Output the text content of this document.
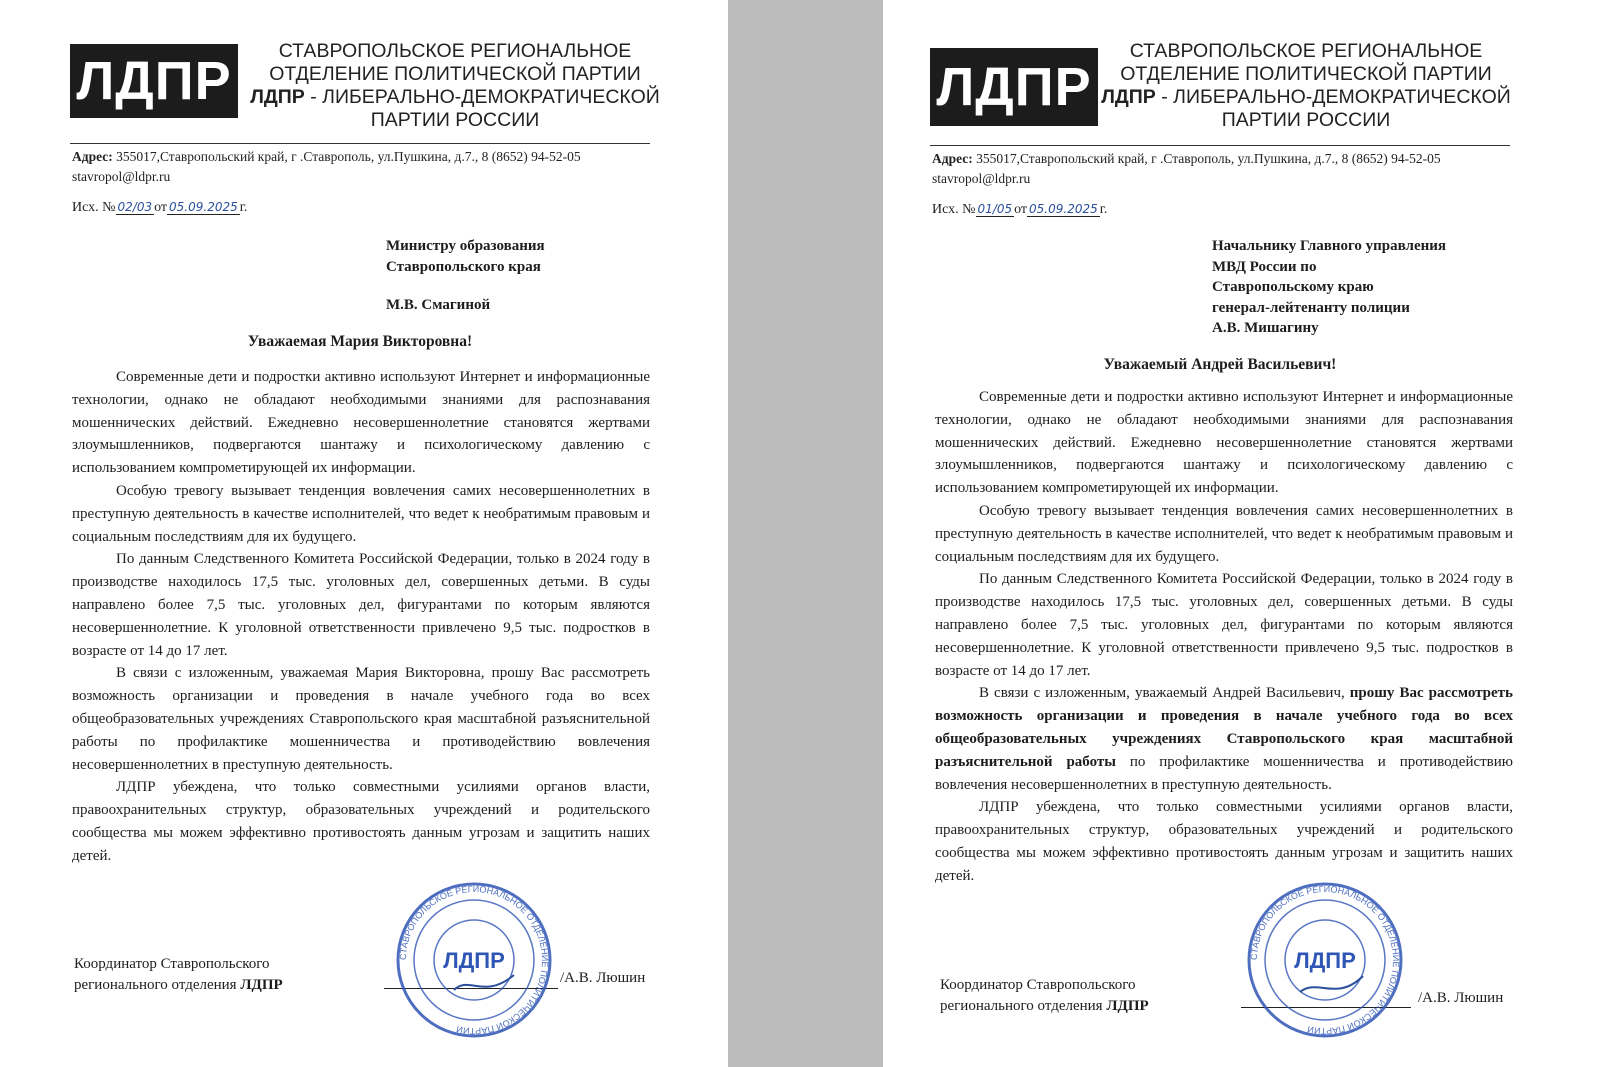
ЛДПР	СТАВРОПОЛЬСКОЕ РЕГИОНАЛЬНОЕ
ОТДЕЛЕНИЕ ПОЛИТИЧЕСКОЙ ПАРТИИ
ЛДПР - ЛИБЕРАЛЬНО-ДЕМОКРАТИЧЕСКОЙ
ПАРТИИ РОССИИ
Адрес: 355017,Ставропольский край, г .Ставрополь, ул.Пушкина, д.7., 8 (8652) 94-52-05
stavropol@ldpr.ru
Исх. № 02/03 от 05.09.2025 г.
Министру образования
Ставропольского края
М.В. Смагиной
Уважаемая Мария Викторовна!

Современные дети и подростки активно используют Интернет и информационные технологии, однако не обладают необходимыми знаниями для распознавания мошеннических действий. Ежедневно несовершеннолетние становятся жертвами злоумышленников, подвергаются шантажу и психологическому давлению с использованием компрометирующей их информации.

Особую тревогу вызывает тенденция вовлечения самих несовершеннолетних в преступную деятельность в качестве исполнителей, что ведет к необратимым правовым и социальным последствиям для их будущего.

По данным Следственного Комитета Российской Федерации, только в 2024 году в производстве находилось 17,5 тыс. уголовных дел, совершенных детьми. В суды направлено более 7,5 тыс. уголовных дел, фигурантами по которым являются несовершеннолетние. К уголовной ответственности привлечено 9,5 тыс. подростков в возрасте от 14 до 17 лет.

В связи с изложенным, уважаемая Мария Викторовна, прошу Вас рассмотреть возможность организации и проведения в начале учебного года во всех общеобразовательных учреждениях Ставропольского края масштабной разъяснительной работы по профилактике мошенничества и противодействию вовлечения несовершеннолетних в преступную деятельность.

ЛДПР убеждена, что только совместными усилиями органов власти, правоохранительных структур, образовательных учреждений и родительского сообщества мы можем эффективно противостоять данным угрозам и защитить наших детей.

Координатор Ставропольского
регионального отделения ЛДПР	/А.В. Люшин
СТАВРОПОЛЬСКОЕ РЕГИОНАЛЬНОЕ ОТДЕЛЕНИЕ ПОЛИТИЧЕСКОЙ ПАРТИИ
ЛДПР
ЛДПР
СТАВРОПОЛЬСКОЕ РЕГИОНАЛЬНОЕ
ОТДЕЛЕНИЕ ПОЛИТИЧЕСКОЙ ПАРТИИ
ЛДПР - ЛИБЕРАЛЬНО-ДЕМОКРАТИЧЕСКОЙ
ПАРТИИ РОССИИ
Адрес: 355017,Ставропольский край, г .Ставрополь, ул.Пушкина, д.7., 8 (8652) 94-52-05
stavropol@ldpr.ru
Исх. № 01/05 от 05.09.2025 г.
Начальнику Главного управления
МВД России по
Ставропольскому краю
генерал-лейтенанту полиции
А.В. Мишагину
Уважаемый Андрей Васильевич!

Современные дети и подростки активно используют Интернет и информационные технологии, однако не обладают необходимыми знаниями для распознавания мошеннических действий. Ежедневно несовершеннолетние становятся жертвами злоумышленников, подвергаются шантажу и психологическому давлению с использованием компрометирующей их информации.

Особую тревогу вызывает тенденция вовлечения самих несовершеннолетних в преступную деятельность в качестве исполнителей, что ведет к необратимым правовым и социальным последствиям для их будущего.

По данным Следственного Комитета Российской Федерации, только в 2024 году в производстве находилось 17,5 тыс. уголовных дел, совершенных детьми. В суды направлено более 7,5 тыс. уголовных дел, фигурантами по которым являются несовершеннолетние. К уголовной ответственности привлечено 9,5 тыс. подростков в возрасте от 14 до 17 лет.

В связи с изложенным, уважаемый Андрей Васильевич, прошу Вас рассмотреть возможность организации и проведения в начале учебного года во всех общеобразовательных учреждениях Ставропольского края масштабной разъяснительной работы по профилактике мошенничества и противодействию вовлечения несовершеннолетних в преступную деятельность.

ЛДПР убеждена, что только совместными усилиями органов власти, правоохранительных структур, образовательных учреждений и родительского сообщества мы можем эффективно противостоять данным угрозам и защитить наших детей.

Координатор Ставропольского
регионального отделения ЛДПР	/А.В. Люшин
СТАВРОПОЛЬСКОЕ РЕГИОНАЛЬНОЕ ОТДЕЛЕНИЕ ПОЛИТИЧЕСКОЙ ПАРТИИ
ЛДПР
